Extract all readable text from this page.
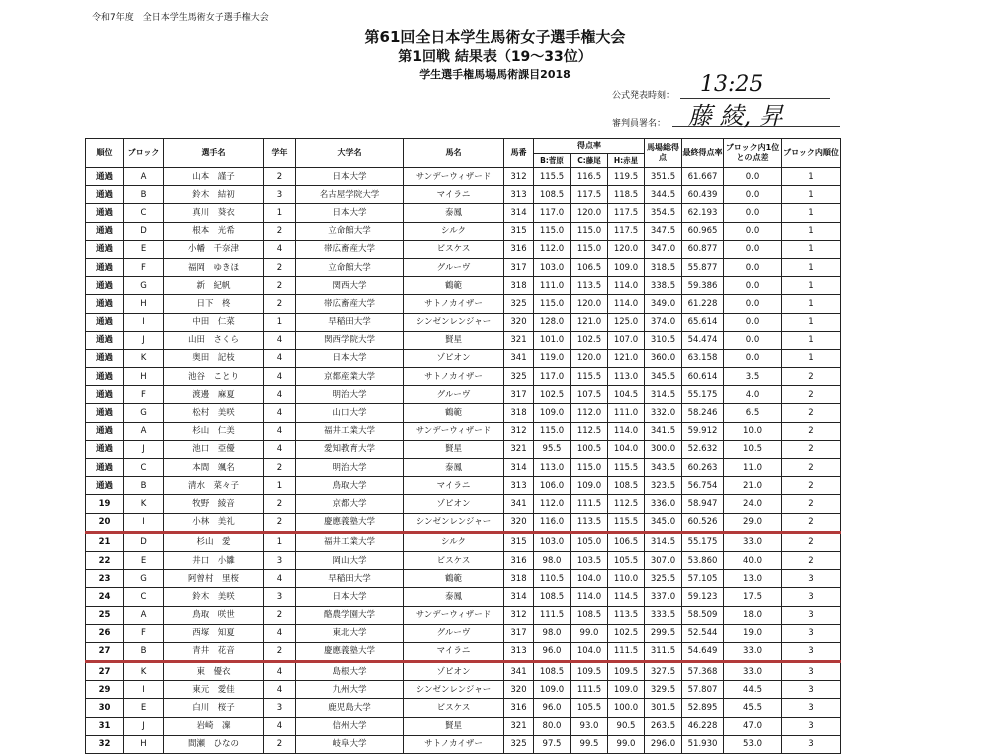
令和7年度　全日本学生馬術女子選手権大会
第61回全日本学生馬術女子選手権大会
第1回戦 結果表（19〜33位）
学生選手権馬場馬術課目2018
公式発表時刻： 13:25
審判員署名： 藤 綾, 昇
順位	ブロック	選手名	学年	大学名	馬名	馬番	得点率			馬場総得点	最終得点率	ブロック内1位との点差	ブロック内順位
							B:菅原	C:藤尾	H:赤星				
通過	A	山本　謹子	2	日本大学	サンデーウィザード	312	115.5	116.5	119.5	351.5	61.667	0.0	1
通過	B	鈴木　結初	3	名古屋学院大学	マイラニ	313	108.5	117.5	118.5	344.5	60.439	0.0	1
通過	C	真川　葵衣	1	日本大学	泰鳳	314	117.0	120.0	117.5	354.5	62.193	0.0	1
通過	D	根本　光希	2	立命館大学	シルク	315	115.0	115.0	117.5	347.5	60.965	0.0	1
通過	E	小幡　千奈津	4	帯広畜産大学	ビスケス	316	112.0	115.0	120.0	347.0	60.877	0.0	1
通過	F	福岡　ゆきほ	2	立命館大学	グルーヴ	317	103.0	106.5	109.0	318.5	55.877	0.0	1
通過	G	新　紀帆	2	関西大学	鶴範	318	111.0	113.5	114.0	338.5	59.386	0.0	1
通過	H	日下　柊	2	帯広畜産大学	サトノカイザー	325	115.0	120.0	114.0	349.0	61.228	0.0	1
通過	I	中田　仁菜	1	早稲田大学	シンゼンレンジャー	320	128.0	121.0	125.0	374.0	65.614	0.0	1
通過	J	山田　さくら	4	関西学院大学	賢星	321	101.0	102.5	107.0	310.5	54.474	0.0	1
通過	K	奥田　記枝	4	日本大学	ゾピオン	341	119.0	120.0	121.0	360.0	63.158	0.0	1
通過	H	池谷　ことり	4	京都産業大学	サトノカイザー	325	117.0	115.5	113.0	345.5	60.614	3.5	2
通過	F	渡邊　麻夏	4	明治大学	グルーヴ	317	102.5	107.5	104.5	314.5	55.175	4.0	2
通過	G	松村　美咲	4	山口大学	鶴範	318	109.0	112.0	111.0	332.0	58.246	6.5	2
通過	A	杉山　仁美	4	福井工業大学	サンデーウィザード	312	115.0	112.5	114.0	341.5	59.912	10.0	2
通過	J	池口　亞優	4	愛知教育大学	賢星	321	95.5	100.5	104.0	300.0	52.632	10.5	2
通過	C	本間　颯名	2	明治大学	泰鳳	314	113.0	115.0	115.5	343.5	60.263	11.0	2
通過	B	清水　菜々子	1	鳥取大学	マイラニ	313	106.0	109.0	108.5	323.5	56.754	21.0	2
19	K	牧野　綾音	2	京都大学	ゾピオン	341	112.0	111.5	112.5	336.0	58.947	24.0	2
20	I	小林　美礼	2	慶應義塾大学	シンゼンレンジャー	320	116.0	113.5	115.5	345.0	60.526	29.0	2
21	D	杉山　愛	1	福井工業大学	シルク	315	103.0	105.0	106.5	314.5	55.175	33.0	2
22	E	井口　小雛	3	岡山大学	ビスケス	316	98.0	103.5	105.5	307.0	53.860	40.0	2
23	G	阿曾村　里桜	4	早稲田大学	鶴範	318	110.5	104.0	110.0	325.5	57.105	13.0	3
24	C	鈴木　美咲	3	日本大学	泰鳳	314	108.5	114.0	114.5	337.0	59.123	17.5	3
25	A	鳥取　咲世	2	酪農学園大学	サンデーウィザード	312	111.5	108.5	113.5	333.5	58.509	18.0	3
26	F	西塚　知夏	4	東北大学	グルーヴ	317	98.0	99.0	102.5	299.5	52.544	19.0	3
27	B	青井　花音	2	慶應義塾大学	マイラニ	313	96.0	104.0	111.5	311.5	54.649	33.0	3
27	K	東　優衣	4	島根大学	ゾピオン	341	108.5	109.5	109.5	327.5	57.368	33.0	3
29	I	東元　愛佳	4	九州大学	シンゼンレンジャー	320	109.0	111.5	109.0	329.5	57.807	44.5	3
30	E	白川　桜子	3	鹿児島大学	ビスケス	316	96.0	105.5	100.0	301.5	52.895	45.5	3
31	J	岩崎　凜	4	信州大学	賢星	321	80.0	93.0	90.5	263.5	46.228	47.0	3
32	H	間瀬　ひなの	2	岐阜大学	サトノカイザー	325	97.5	99.5	99.0	296.0	51.930	53.0	3
